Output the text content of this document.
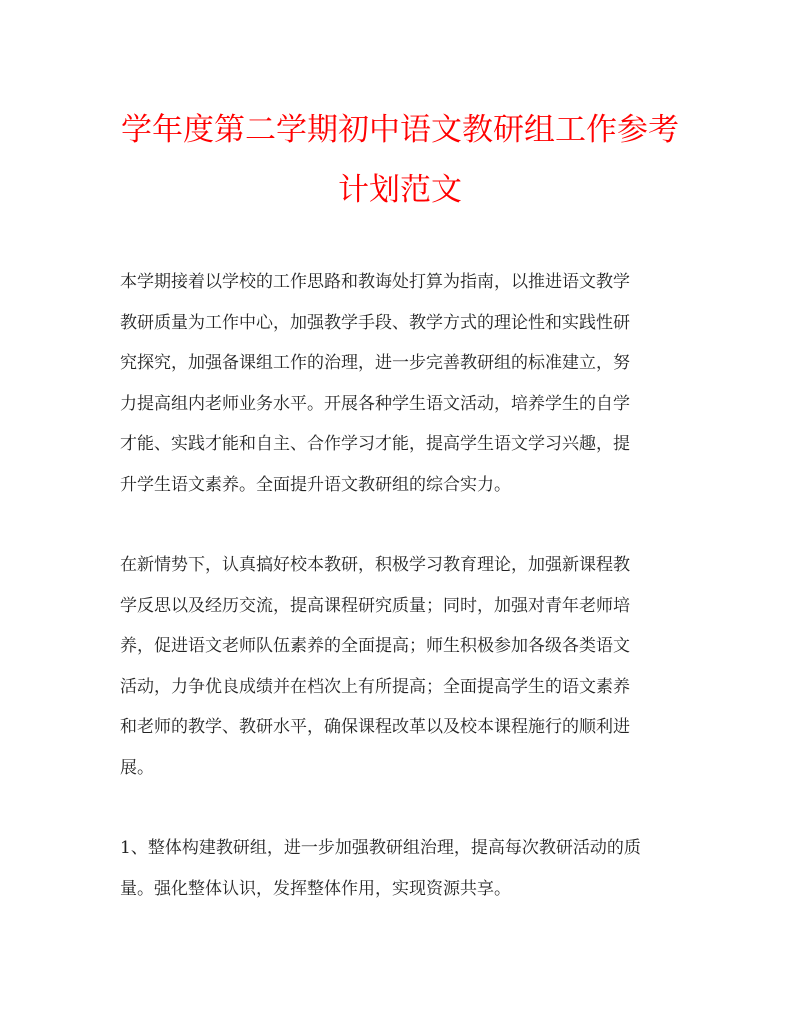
学年度第二学期初中语文教研组工作参考
计划范文

本学期接着以学校的工作思路和教诲处打算为指南，以推进语文教学
教研质量为工作中心，加强教学手段、教学方式的理论性和实践性研
究探究，加强备课组工作的治理，进一步完善教研组的标准建立，努
力提高组内老师业务水平。开展各种学生语文活动，培养学生的自学
才能、实践才能和自主、合作学习才能，提高学生语文学习兴趣，提
升学生语文素养。全面提升语文教研组的综合实力。

在新情势下，认真搞好校本教研，积极学习教育理论，加强新课程教
学反思以及经历交流，提高课程研究质量；同时，加强对青年老师培
养，促进语文老师队伍素养的全面提高；师生积极参加各级各类语文
活动，力争优良成绩并在档次上有所提高；全面提高学生的语文素养
和老师的教学、教研水平，确保课程改革以及校本课程施行的顺利进
展。

1、整体构建教研组，进一步加强教研组治理，提高每次教研活动的质
量。强化整体认识，发挥整体作用，实现资源共享。
